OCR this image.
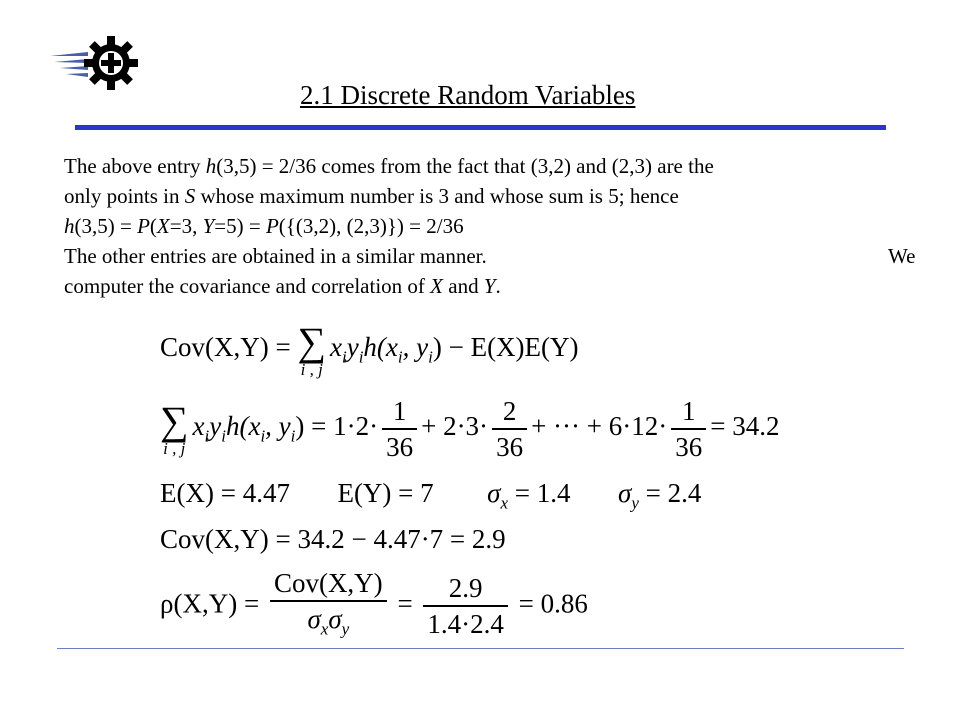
2.1 Discrete Random Variables
The above entry h(3,5) = 2/36 comes from the fact that (3,2) and (2,3) are the
only points in S whose maximum number is 3 and whose sum is 5; hence
h(3,5) = P(X=3, Y=5) = P({(3,2), (2,3)}) = 2/36
The other entries are obtained in a similar manner.	We
computer the covariance and correlation of X and Y.
Cov(X,Y) = ∑
i , j
$x_iy_ih(x_i$, $y_i) - E(X)E(Y)$
∑
i , j
$x_iy_ih(x_i$, $y_i) = 1\cdot 2\cdot \frac{1}{36} + 2\cdot 3\cdot \frac{2}{36}$ + ··· + $6\cdot 12\cdot \frac{1}{36} = 34.2$
E(X) = 4.47 E(Y) = 7 $\sigma_x = 1.4$ $\sigma_y = 2.4$
Cov(X,Y) = 34.2 − 4.47·7 = 2.9
$\rho(X,Y) = \frac{\text{Cov(X,Y)}}{\sigma_x\sigma_y} = \frac{2.9}{1.4\cdot 2.4} = 0.86$
